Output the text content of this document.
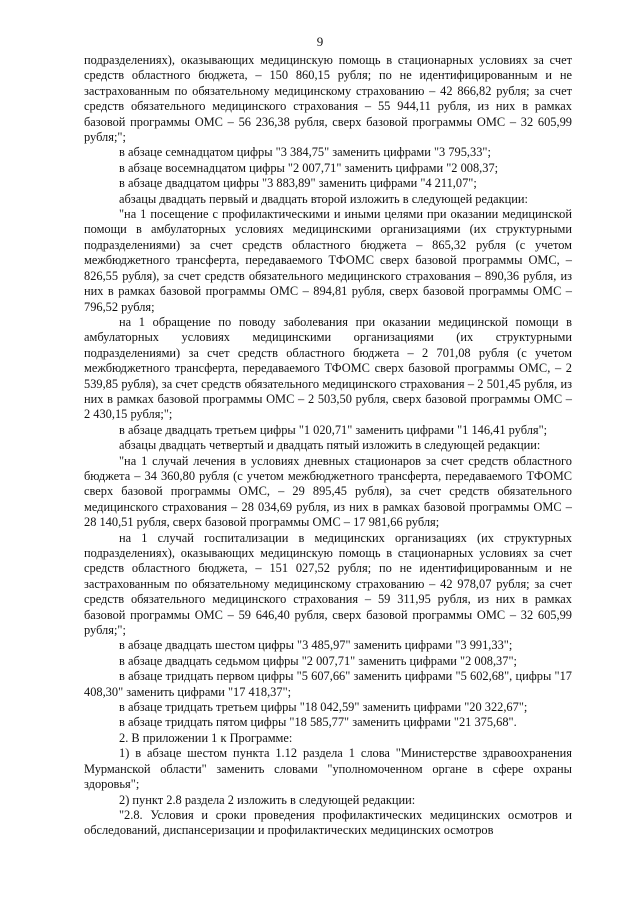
9

подразделениях), оказывающих медицинскую помощь в стационарных условиях за счет средств областного бюджета, – 150 860,15 рубля; по не идентифицированным и не застрахованным по обязательному медицинскому страхованию – 42 866,82 рубля; за счет средств обязательного медицинского страхования – 55 944,11 рубля, из них в рамках базовой программы ОМС – 56 236,38 рубля, сверх базовой программы ОМС – 32 605,99 рубля;";

в абзаце семнадцатом цифры "3 384,75" заменить цифрами "3 795,33";

в абзаце восемнадцатом цифры "2 007,71" заменить цифрами "2 008,37;

в абзаце двадцатом цифры "3 883,89" заменить цифрами "4 211,07";

абзацы двадцать первый и двадцать второй изложить в следующей редакции:

"на 1 посещение с профилактическими и иными целями при оказании медицинской помощи в амбулаторных условиях медицинскими организациями (их структурными подразделениями) за счет средств областного бюджета – 865,32 рубля (с учетом межбюджетного трансферта, передаваемого ТФОМС сверх базовой программы ОМС, – 826,55 рубля), за счет средств обязательного медицинского страхования – 890,36 рубля, из них в рамках базовой программы ОМС – 894,81 рубля, сверх базовой программы ОМС – 796,52 рубля;

на 1 обращение по поводу заболевания при оказании медицинской помощи в амбулаторных условиях медицинскими организациями (их структурными подразделениями) за счет средств областного бюджета – 2 701,08 рубля (с учетом межбюджетного трансферта, передаваемого ТФОМС сверх базовой программы ОМС, – 2 539,85 рубля), за счет средств обязательного медицинского страхования – 2 501,45 рубля, из них в рамках базовой программы ОМС – 2 503,50 рубля, сверх базовой программы ОМС – 2 430,15 рубля;";

в абзаце двадцать третьем цифры "1 020,71" заменить цифрами "1 146,41 рубля";

абзацы двадцать четвертый и двадцать пятый изложить в следующей редакции:

"на 1 случай лечения в условиях дневных стационаров за счет средств областного бюджета – 34 360,80 рубля (с учетом межбюджетного трансферта, передаваемого ТФОМС сверх базовой программы ОМС, – 29 895,45 рубля), за счет средств обязательного медицинского страхования – 28 034,69 рубля, из них в рамках базовой программы ОМС – 28 140,51 рубля, сверх базовой программы ОМС – 17 981,66 рубля;

на 1 случай госпитализации в медицинских организациях (их структурных подразделениях), оказывающих медицинскую помощь в стационарных условиях за счет средств областного бюджета, – 151 027,52 рубля; по не идентифицированным и не застрахованным по обязательному медицинскому страхованию – 42 978,07 рубля; за счет средств обязательного медицинского страхования – 59 311,95 рубля, из них в рамках базовой программы ОМС – 59 646,40 рубля, сверх базовой программы ОМС – 32 605,99 рубля;";

в абзаце двадцать шестом цифры "3 485,97" заменить цифрами "3 991,33";

в абзаце двадцать седьмом цифры "2 007,71" заменить цифрами "2 008,37";

в абзаце тридцать первом цифры "5 607,66" заменить цифрами "5 602,68", цифры "17 408,30" заменить цифрами "17 418,37";

в абзаце тридцать третьем цифры "18 042,59" заменить цифрами "20 322,67";

в абзаце тридцать пятом цифры "18 585,77" заменить цифрами "21 375,68".

2. В приложении 1 к Программе:

1) в абзаце шестом пункта 1.12 раздела 1 слова "Министерстве здравоохранения Мурманской области" заменить словами "уполномоченном органе в сфере охраны здоровья";

2) пункт 2.8 раздела 2 изложить в следующей редакции:

"2.8. Условия и сроки проведения профилактических медицинских осмотров и обследований, диспансеризации и профилактических медицинских осмотров
